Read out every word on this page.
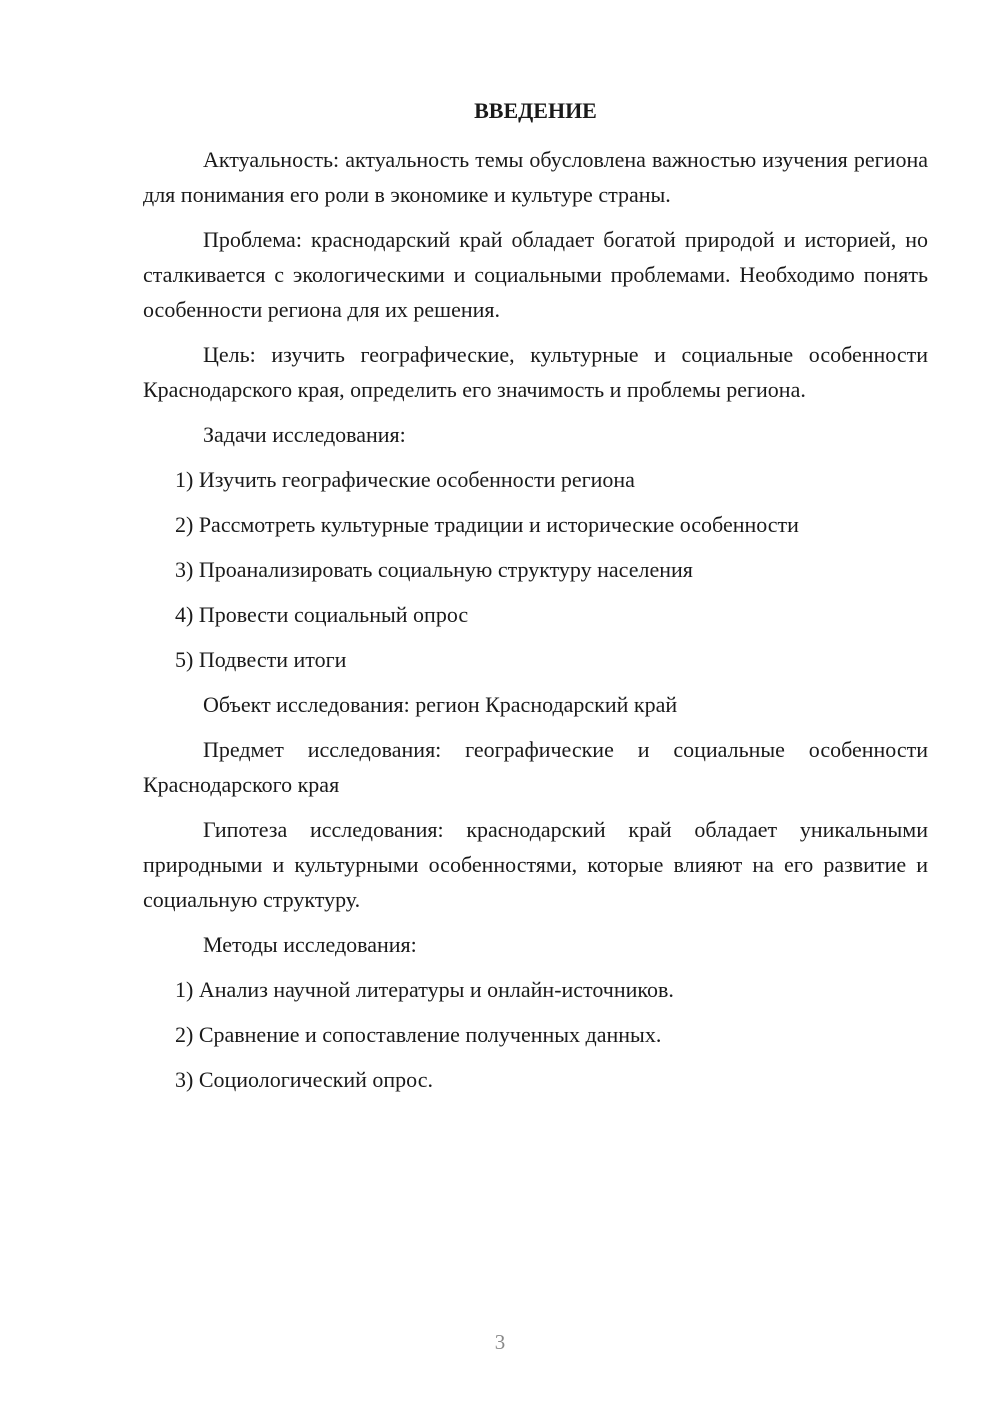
ВВЕДЕНИЕ

Актуальность: актуальность темы обусловлена важностью изучения региона для понимания его роли в экономике и культуре страны.

Проблема: краснодарский край обладает богатой природой и историей, но сталкивается с экологическими и социальными проблемами. Необходимо понять особенности региона для их решения.

Цель: изучить географические, культурные и социальные особенности Краснодарского края, определить его значимость и проблемы региона.

Задачи исследования:

1) Изучить географические особенности региона
2) Рассмотреть культурные традиции и исторические особенности
3) Проанализировать социальную структуру населения
4) Провести социальный опрос
5) Подвести итоги

Объект исследования: регион Краснодарский край

Предмет исследования: географические и социальные особенности Краснодарского края

Гипотеза исследования: краснодарский край обладает уникальными природными и культурными особенностями, которые влияют на его развитие и социальную структуру.

Методы исследования:

1) Анализ научной литературы и онлайн-источников.
2) Сравнение и сопоставление полученных данных.
3) Социологический опрос.
3
